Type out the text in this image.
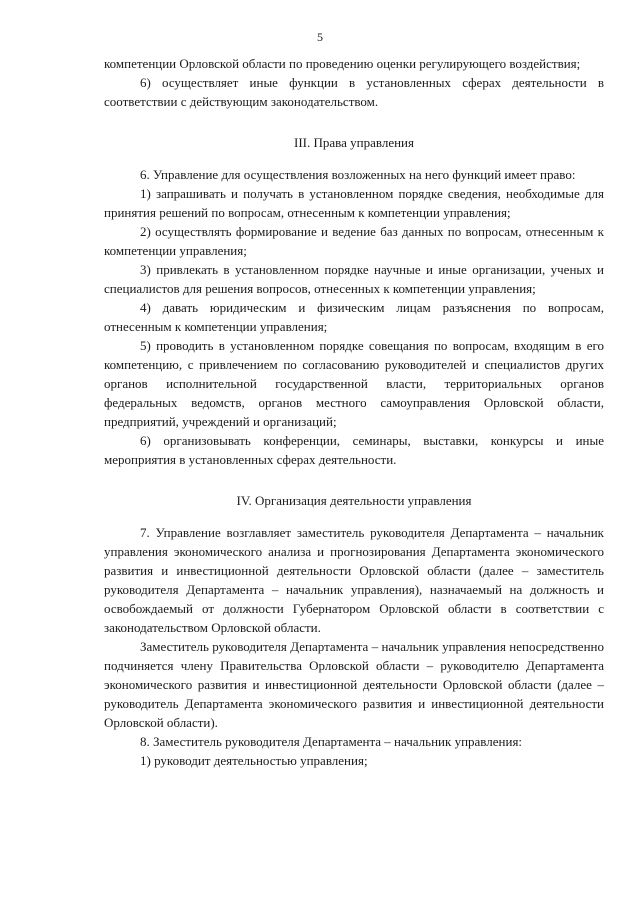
5

компетенции Орловской области по проведению оценки регулирующего воздействия;

6) осуществляет иные функции в установленных сферах деятельности в соответствии с действующим законодательством.

III. Права управления

6. Управление для осуществления возложенных на него функций имеет право:

1) запрашивать и получать в установленном порядке сведения, необходимые для принятия решений по вопросам, отнесенным к компетенции управления;

2) осуществлять формирование и ведение баз данных по вопросам, отнесенным к компетенции управления;

3) привлекать в установленном порядке научные и иные организации, ученых и специалистов для решения вопросов, отнесенных к компетенции управления;

4) давать юридическим и физическим лицам разъяснения по вопросам, отнесенным к компетенции управления;

5) проводить в установленном порядке совещания по вопросам, входящим в его компетенцию, с привлечением по согласованию руководителей и специалистов других органов исполнительной государственной власти, территориальных органов федеральных ведомств, органов местного самоуправления Орловской области, предприятий, учреждений и организаций;

6) организовывать конференции, семинары, выставки, конкурсы и иные мероприятия в установленных сферах деятельности.

IV. Организация деятельности управления

7. Управление возглавляет заместитель руководителя Департамента – начальник управления экономического анализа и прогнозирования Департамента экономического развития и инвестиционной деятельности Орловской области (далее – заместитель руководителя Департамента – начальник управления), назначаемый на должность и освобождаемый от должности Губернатором Орловской области в соответствии с законодательством Орловской области.

Заместитель руководителя Департамента – начальник управления непосредственно подчиняется члену Правительства Орловской области – руководителю Департамента экономического развития и инвестиционной деятельности Орловской области (далее – руководитель Департамента экономического развития и инвестиционной деятельности Орловской области).

8. Заместитель руководителя Департамента – начальник управления:

1) руководит деятельностью управления;
